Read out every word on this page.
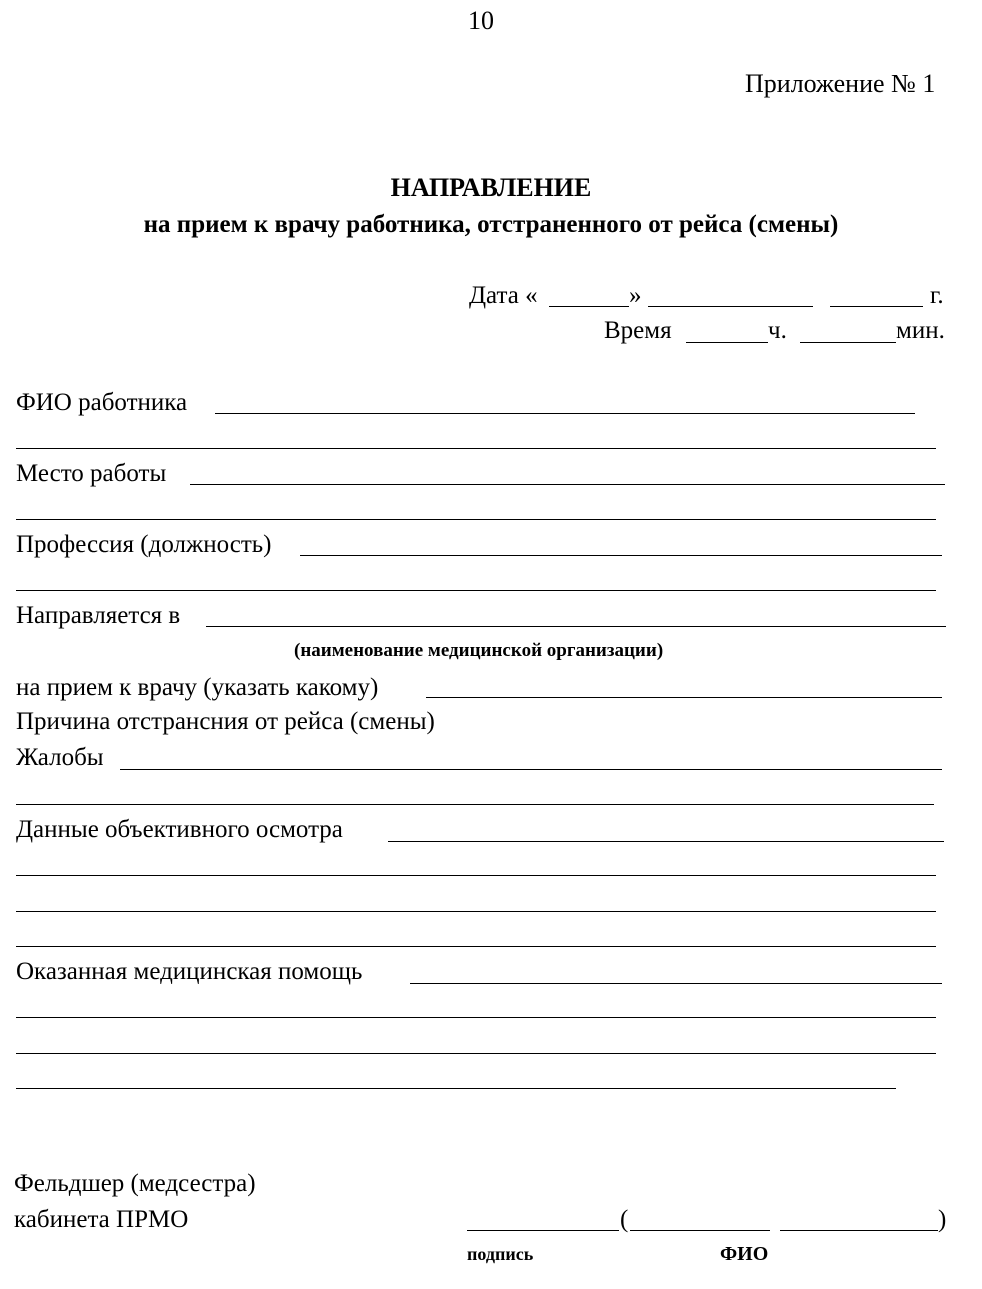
10
Приложение № 1
НАПРАВЛЕНИЕ
на прием к врачу работника, отстраненного от рейса (смены)
Дата «	»	г.
Время	ч.	мин.
ФИО работника
Место работы
Профессия (должность)
Направляется в
(наименование медицинской организации)
на прием к врачу (указать какому)
Причина отстрансния от рейса (смены)
Жалобы
Данные объективного осмотра
Оказанная медицинская помощь
Фельдшер (медсестра)
кабинета ПРМО	(	)
подпись	ФИО
